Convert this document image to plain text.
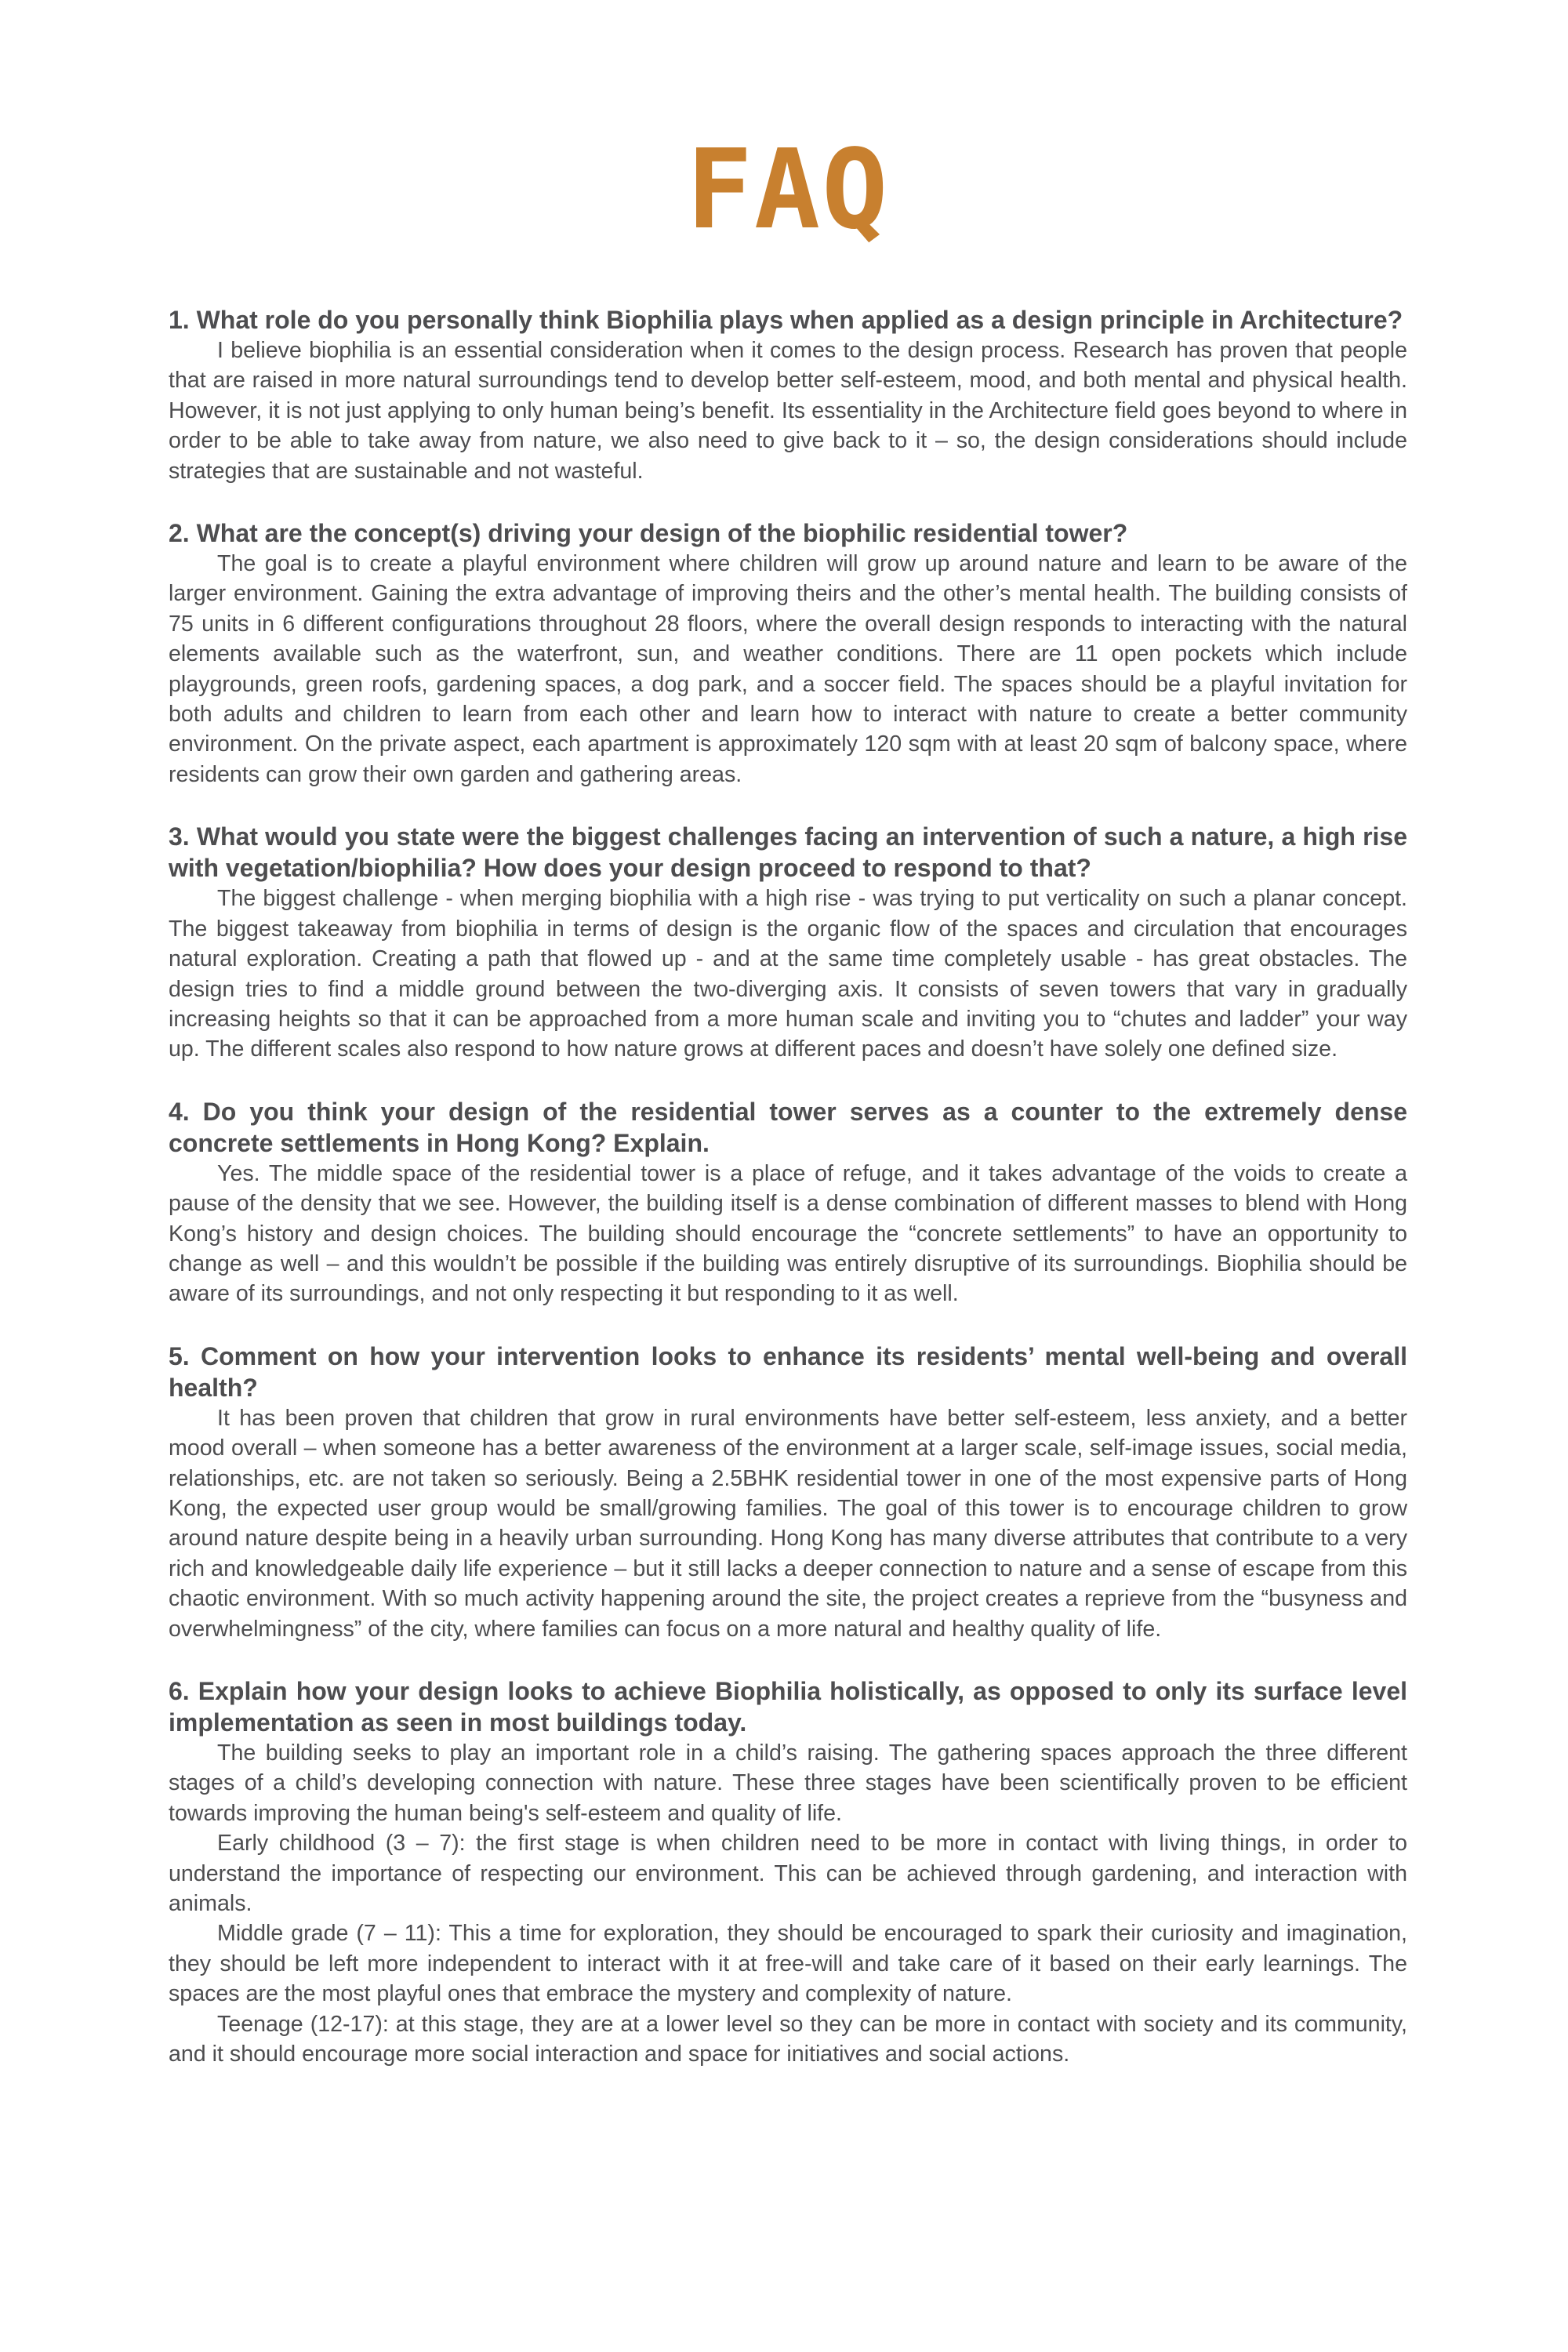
FAQ
1. What role do you personally think Biophilia plays when applied as a design principle in Architecture?

I believe biophilia is an essential consideration when it comes to the design process. Research has proven that people that are raised in more natural surroundings tend to develop better self-esteem, mood, and both mental and physical health. However, it is not just applying to only human being’s benefit. Its essentiality in the Architecture field goes beyond to where in order to be able to take away from nature, we also need to give back to it – so, the design considerations should include strategies that are sustainable and not wasteful.

2. What are the concept(s) driving your design of the biophilic residential tower?

The goal is to create a playful environment where children will grow up around nature and learn to be aware of the larger environment. Gaining the extra advantage of improving theirs and the other’s mental health. The building consists of 75 units in 6 different configurations throughout 28 floors, where the overall design responds to interacting with the natural elements available such as the waterfront, sun, and weather conditions. There are 11 open pockets which include playgrounds, green roofs, gardening spaces, a dog park, and a soccer field. The spaces should be a playful invitation for both adults and children to learn from each other and learn how to interact with nature to create a better community environment. On the private aspect, each apartment is approximately 120 sqm with at least 20 sqm of balcony space, where residents can grow their own garden and gathering areas.

3. What would you state were the biggest challenges facing an intervention of such a nature, a high rise with vegetation/biophilia? How does your design proceed to respond to that?

The biggest challenge - when merging biophilia with a high rise - was trying to put verticality on such a planar concept. The biggest takeaway from biophilia in terms of design is the organic flow of the spaces and circulation that encourages natural exploration. Creating a path that flowed up - and at the same time completely usable - has great obstacles. The design tries to find a middle ground between the two-diverging axis. It consists of seven towers that vary in gradually increasing heights so that it can be approached from a more human scale and inviting you to “chutes and ladder” your way up. The different scales also respond to how nature grows at different paces and doesn’t have solely one defined size.

4. Do you think your design of the residential tower serves as a counter to the extremely dense concrete settlements in Hong Kong? Explain.

Yes. The middle space of the residential tower is a place of refuge, and it takes advantage of the voids to create a pause of the density that we see. However, the building itself is a dense combination of different masses to blend with Hong Kong’s history and design choices. The building should encourage the “concrete settlements” to have an opportunity to change as well – and this wouldn’t be possible if the building was entirely disruptive of its surroundings. Biophilia should be aware of its surroundings, and not only respecting it but responding to it as well.

5. Comment on how your intervention looks to enhance its residents’ mental well-being and overall health?

It has been proven that children that grow in rural environments have better self-esteem, less anxiety, and a better mood overall – when someone has a better awareness of the environment at a larger scale, self-image issues, social media, relationships, etc. are not taken so seriously. Being a 2.5BHK residential tower in one of the most expensive parts of Hong Kong, the expected user group would be small/growing families. The goal of this tower is to encourage children to grow around nature despite being in a heavily urban surrounding. Hong Kong has many diverse attributes that contribute to a very rich and knowledgeable daily life experience – but it still lacks a deeper connection to nature and a sense of escape from this chaotic environment. With so much activity happening around the site, the project creates a reprieve from the “busyness and overwhelmingness” of the city, where families can focus on a more natural and healthy quality of life.

6. Explain how your design looks to achieve Biophilia holistically, as opposed to only its surface level implementation as seen in most buildings today.

The building seeks to play an important role in a child’s raising. The gathering spaces approach the three different stages of a child’s developing connection with nature. These three stages have been scientifically proven to be efficient towards improving the human being's self-esteem and quality of life.

Early childhood (3 – 7): the first stage is when children need to be more in contact with living things, in order to understand the importance of respecting our environment. This can be achieved through gardening, and interaction with animals.

Middle grade (7 – 11): This a time for exploration, they should be encouraged to spark their curiosity and imagination, they should be left more independent to interact with it at free-will and take care of it based on their early learnings. The spaces are the most playful ones that embrace the mystery and complexity of nature.

Teenage (12-17): at this stage, they are at a lower level so they can be more in contact with society and its community, and it should encourage more social interaction and space for initiatives and social actions.
